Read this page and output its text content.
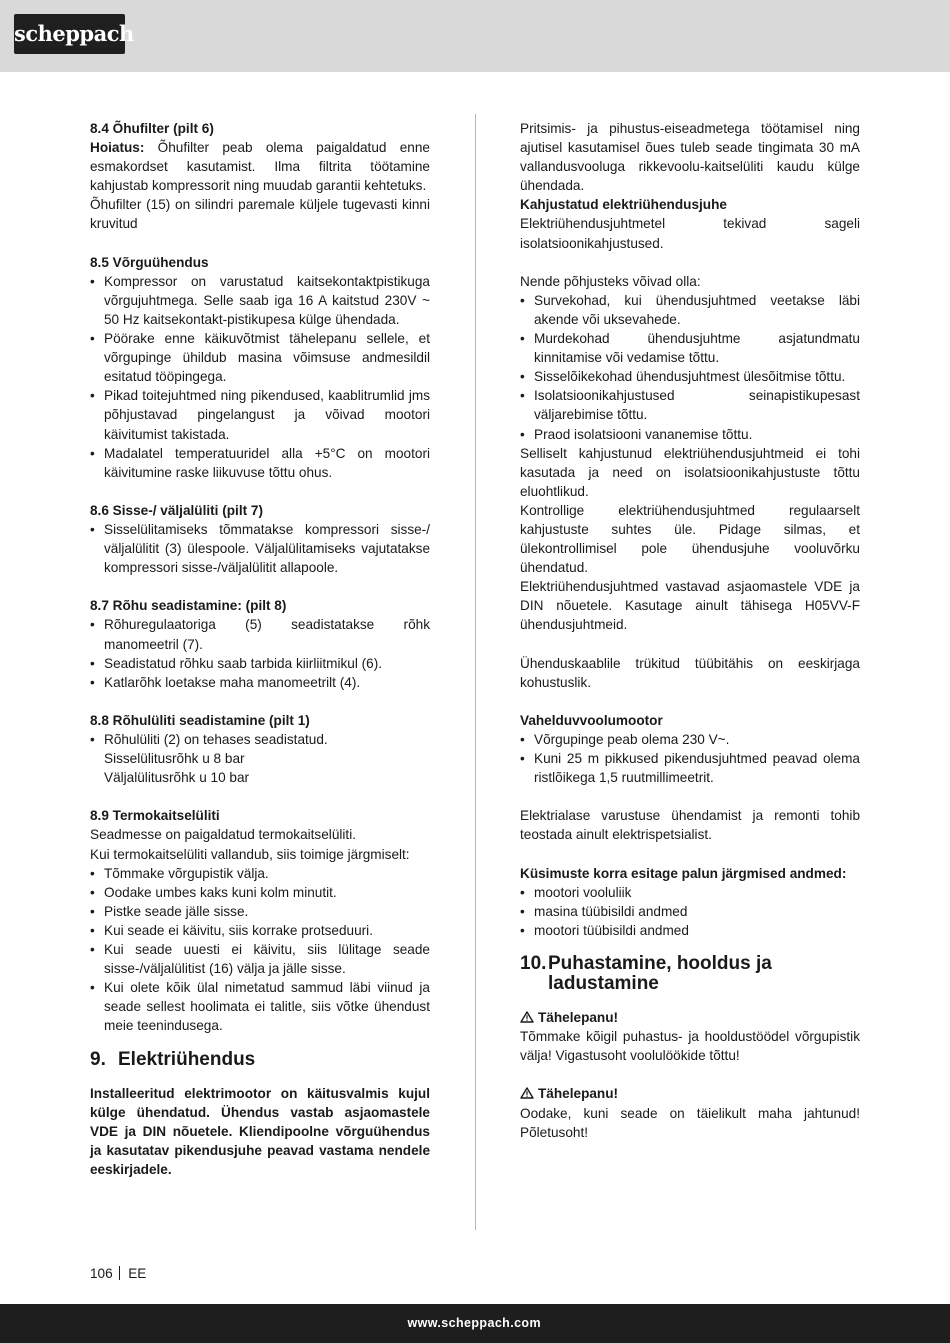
scheppach

8.4 Õhufilter (pilt 6)

Hoiatus: Õhufilter peab olema paigaldatud enne esmakordset kasutamist. Ilma filtrita töötamine kahjustab kompressorit ning muudab garantii kehtetuks.

Õhufilter (15) on silindri paremale küljele tugevasti kinni kruvitud

8.5 Võrguühendus

• Kompressor on varustatud kaitsekontaktpistikuga võrgujuhtmega. Selle saab iga 16 A kaitstud 230V ~ 50 Hz kaitsekontakt-pistikupesa külge ühendada.
• Pöörake enne käikuvõtmist tähelepanu sellele, et võrgupinge ühildub masina võimsuse andmesildil esitatud tööpingega.
• Pikad toitejuhtmed ning pikendused, kaablitrumlid jms põhjustavad pingelangust ja võivad mootori käivitumist takistada.
• Madalatel temperatuuridel alla +5°C on mootori käivitumine raske liikuvuse tõttu ohus.

8.6 Sisse-/ väljalüliti (pilt 7)

• Sisselülitamiseks tõmmatakse kompressori sisse-/ väljalülitit (3) ülespoole. Väljalülitamiseks vajutatakse kompressori sisse-/väljalülitit allapoole.

8.7 Rõhu seadistamine: (pilt 8)

• Rõhuregulaatoriga (5) seadistatakse rõhk manomeetril (7).
• Seadistatud rõhku saab tarbida kiirliitmikul (6).
• Katlarõhk loetakse maha manomeetrilt (4).

8.8 Rõhulüliti seadistamine (pilt 1)

• Rõhulüliti (2) on tehases seadistatud.

Sisselülitusrõhk u 8 bar

Väljalülitusrõhk u 10 bar

8.9 Termokaitselüliti

Seadmesse on paigaldatud termokaitselüliti.

Kui termokaitselüliti vallandub, siis toimige järgmiselt:

• Tõmmake võrgupistik välja.
• Oodake umbes kaks kuni kolm minutit.
• Pistke seade jälle sisse.
• Kui seade ei käivitu, siis korrake protseduuri.
• Kui seade uuesti ei käivitu, siis lülitage seade sisse-/väljalülitist (16) välja ja jälle sisse.
• Kui olete kõik ülal nimetatud sammud läbi viinud ja seade sellest hoolimata ei talitle, siis võtke ühendust meie teenindusega.
9. Elektriühendus

Installeeritud elektrimootor on käitusvalmis kujul külge ühendatud. Ühendus vastab asjaomastele VDE ja DIN nõuetele. Kliendipoolne võrguühendus ja kasutatav pikendusjuhe peavad vastama nendele eeskirjadele.

Pritsimis- ja pihustus-eiseadmetega töötamisel ning ajutisel kasutamisel õues tuleb seade tingimata 30 mA vallandusvooluga rikkevoolu-kaitselüliti kaudu külge ühendada.

Kahjustatud elektriühendusjuhe

Elektriühendusjuhtmetel tekivad sageli isolatsioonikahjustused.

Nende põhjusteks võivad olla:

• Survekohad, kui ühendusjuhtmed veetakse läbi akende või uksevahede.
• Murdekohad ühendusjuhtme asjatundmatu kinnitamise või vedamise tõttu.
• Sisselõikekohad ühendusjuhtmest ülesõitmise tõttu.
• Isolatsioonikahjustused seinapistikupesast väljarebimise tõttu.
• Praod isolatsiooni vananemise tõttu.

Selliselt kahjustunud elektriühendusjuhtmeid ei tohi kasutada ja need on isolatsioonikahjustuste tõttu eluohtlikud.

Kontrollige elektriühendusjuhtmed regulaarselt kahjustuste suhtes üle. Pidage silmas, et ülekontrollimisel pole ühendusjuhe vooluvõrku ühendatud.

Elektriühendusjuhtmed vastavad asjaomastele VDE ja DIN nõuetele. Kasutage ainult tähisega H05VV-F ühendusjuhtmeid.

Ühenduskaablile trükitud tüübitähis on eeskirjaga kohustuslik.

Vahelduvvoolumootor

• Võrgupinge peab olema 230 V~.
• Kuni 25 m pikkused pikendusjuhtmed peavad olema ristlõikega 1,5 ruutmillimeetrit.

Elektrialase varustuse ühendamist ja remonti tohib teostada ainult elektrispetsialist.

Küsimuste korra esitage palun järgmised andmed:

• mootori vooluliik
• masina tüübisildi andmed
• mootori tüübisildi andmed
10. Puhastamine, hooldus ja ladustamine

Tähelepanu!

Tõmmake kõigil puhastus- ja hooldustöödel võrgupistik välja! Vigastusoht voolulöökide tõttu!

Tähelepanu!

Oodake, kuni seade on täielikult maha jahtunud! Põletusoht!

106 EE
www.scheppach.com
